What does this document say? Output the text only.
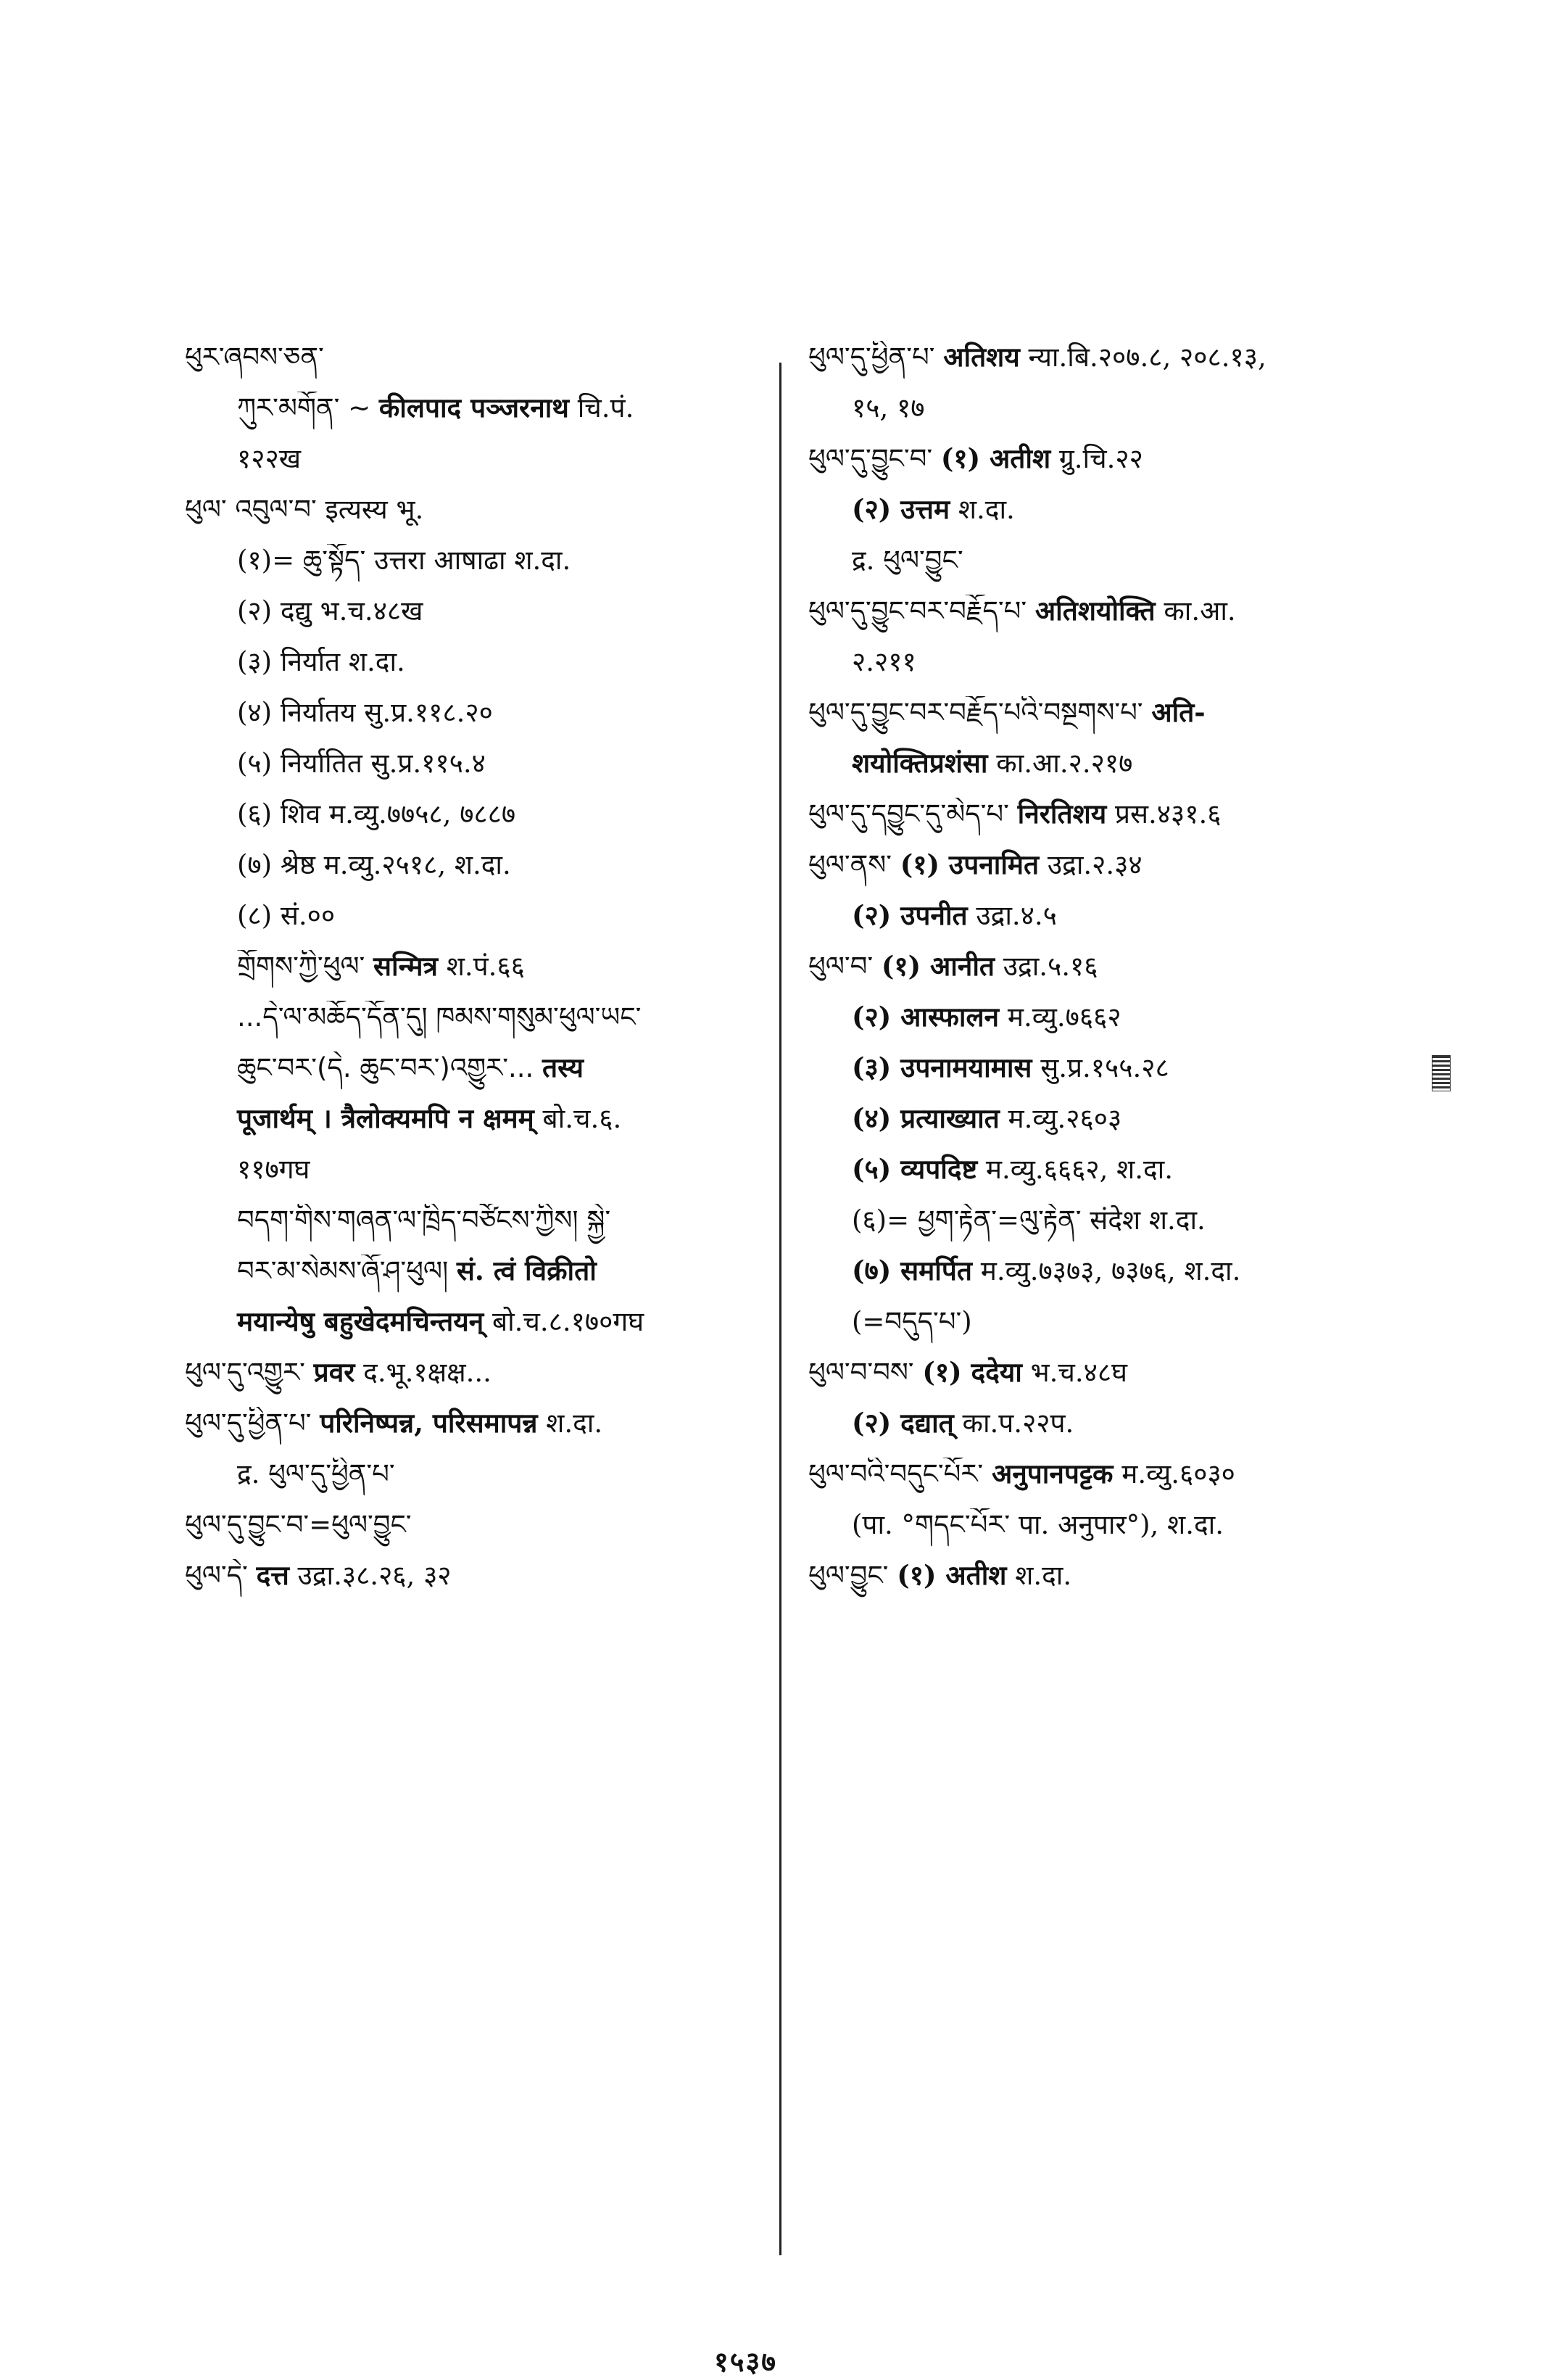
ཕུར་ཞབས་ཅན་
ཀུར་མགོན་ ~ कीलपाद पञ्जरनाथ चि.पं.
१२२ख
ཕུལ་ འབུལ་བ་ इत्यस्य भू.
(१)= ཆུ་སྟོད་ उत्तरा आषाढा श.दा.
(२) दद्यु भ.च.४८ख
(३) निर्यात श.दा.
(४) निर्यातय सु.प्र.११८.२०
(५) निर्यातित सु.प्र.११५.४
(६) शिव म.व्यु.७७५८, ७८८७
(७) श्रेष्ठ म.व्यु.२५१८, श.दा.
(८) सं.००
གྲོགས་ཀྱི་ཕུལ་ सन्मित्र श.पं.६६
...དེ་ལ་མཆོད་དོན་དུ། ཁམས་གསུམ་ཕུལ་ཡང་
ཆུང་བར་(དེ. ཆུང་བར་)འགྱུར་... तस्य
पूजार्थम् । त्रैलोक्यमपि न क्षमम् बो.च.६.
११७गघ
བདག་གིས་གཞན་ལ་ཁྲིད་བཙོངས་ཀྱིས། སྐྱེ་
བར་མ་སེམས་ཞོ་ཤ་ཕུལ། सं. त्वं विक्रीतो
मयान्येषु बहुखेदमचिन्तयन् बो.च.८.१७०गघ
ཕུལ་དུ་འགྱུར་ प्रवर द.भू.१क्षक्ष...
ཕུལ་དུ་ཕྱིན་པ་ परिनिष्पन्न, परिसमापन्न श.दा.
द्र. ཕུལ་དུ་ཕྱིན་པ་
ཕུལ་དུ་བྱུང་བ་=ཕུལ་བྱུང་
ཕུལ་དེ་ दत्त उद्रा.३८.२६, ३२
ཕུལ་དུ་ཕྱིན་པ་ अतिशय न्या.बि.२०७.८, २०८.१३,
१५, १७
ཕུལ་དུ་བྱུང་བ་ (१) अतीश ग्रु.चि.२२
(२) उत्तम श.दा.
द्र. ཕུལ་བྱུང་
ཕུལ་དུ་བྱུང་བར་བརྗོད་པ་ अतिशयोक्ति का.आ.
२.२११
ཕུལ་དུ་བྱུང་བར་བརྗོད་པའི་བསྔགས་པ་ अति-
शयोक्तिप्रशंसा का.आ.२.२१७
ཕུལ་དུ་དབྱུང་དུ་མེད་པ་ निरतिशय प्रस.४३१.६
ཕུལ་ནས་ (१) उपनामित उद्रा.२.३४
(२) उपनीत उद्रा.४.५
ཕུལ་བ་ (१) आनीत उद्रा.५.१६
(२) आस्फालन म.व्यु.७६६२
(३) उपनामयामास सु.प्र.१५५.२८
(४) प्रत्याख्यात म.व्यु.२६०३
(५) व्यपदिष्ट म.व्यु.६६६२, श.दा.
(६)= ཕྱག་རྟེན་=ལུ་རྟེན་ संदेश श.दा.
(७) समर्पित म.व्यु.७३७३, ७३७६, श.दा.
(=བདུད་པ་)
ཕུལ་བ་བས་ (१) ददेया भ.च.४८घ
(२) दद्यात् का.प.२२प.
ཕུལ་བའི་བདུང་པོར་ अनुपानपट्टक म.व्यु.६०३०
(पा. °གདང་པོར་ पा. अनुपार°), श.दा.
ཕུལ་བྱུང་ (१) अतीश श.दा.
१५३७
